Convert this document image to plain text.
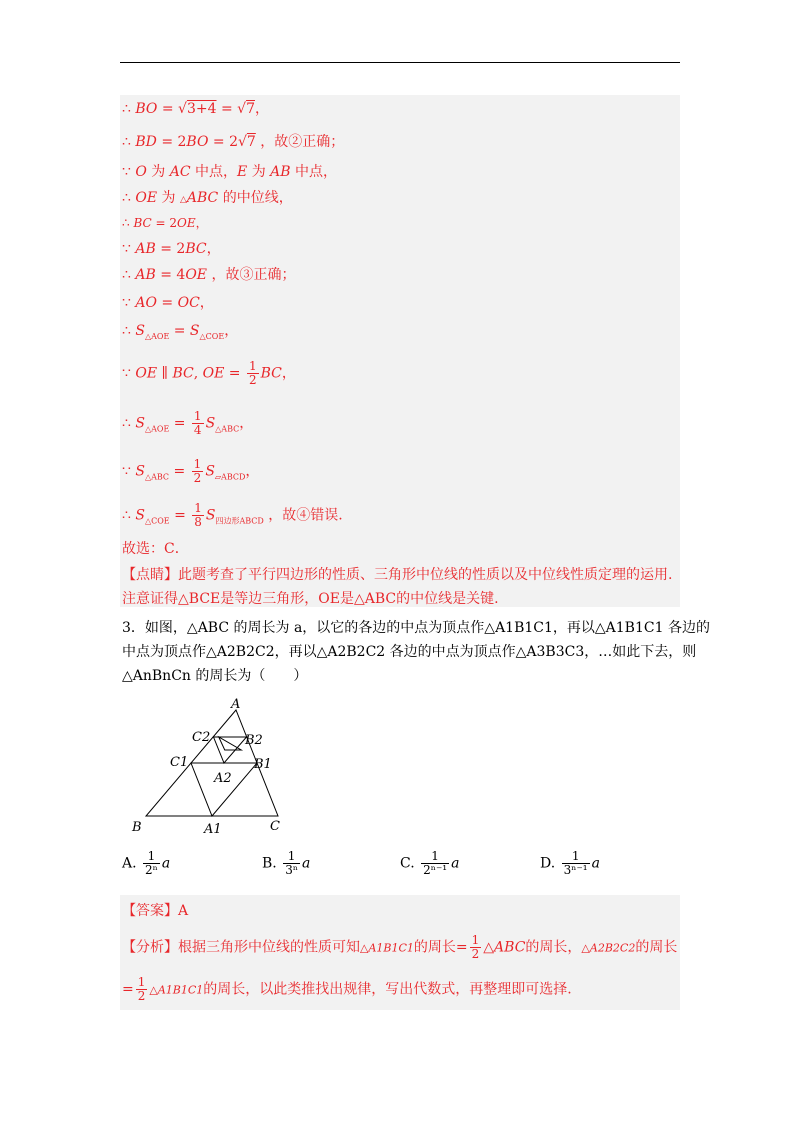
∴ BO = √3+4 = √7，
∴ BD = 2BO = 2√7 ，故②正确；
∵ O 为 AC 中点，E 为 AB 中点，
∴ OE 为 △ABC 的中位线，
∴ BC = 2OE，
∵ AB = 2BC，
∴ AB = 4OE ，故③正确；
∵ AO = OC，
∴ $S_{\triangle AOE} = S_{\triangle COE}$，
∵ OE ∥ BC, OE = $\frac{1}{2}$ BC，
∴ $S_{\triangle AOE} = \frac{1}{4} S_{\triangle ABC}$，
∵ $S_{\triangle ABC} = \frac{1}{2} S_{▱ABCD}$，
∴ $S_{\triangle COE} = \frac{1}{8} S_{四边形ABCD}$ ，故④错误.
故选：C．
【点睛】此题考查了平行四边形的性质、三角形中位线的性质以及中位线性质定理的运用.
注意证得△BCE是等边三角形，OE是△ABC的中位线是关键.
3．如图，△ABC 的周长为 a，以它的各边的中点为顶点作△A1B1C1，再以△A1B1C1 各边的
中点为顶点作△A2B2C2，再以△A2B2C2 各边的中点为顶点作△A3B3C3，…如此下去，则
△AnBnCn 的周长为（　　）
A
B	C
A1
B1
C1
A2
B2
C2
A. $\frac{1}{\text{2ⁿ}}$ a	B. $\frac{1}{\text{3ⁿ}}$ a	C. $\frac{1}{\text{2ⁿ⁻¹}}$ a	D. $\frac{1}{\text{3ⁿ⁻¹}}$ a
【答案】A
【分析】根据三角形中位线的性质可知△A1B1C1的周长= $\frac{1}{2}$ △ABC的周长，△A2B2C2的周长
= $\frac{1}{2}$ △A1B1C1的周长，以此类推找出规律，写出代数式，再整理即可选择.
